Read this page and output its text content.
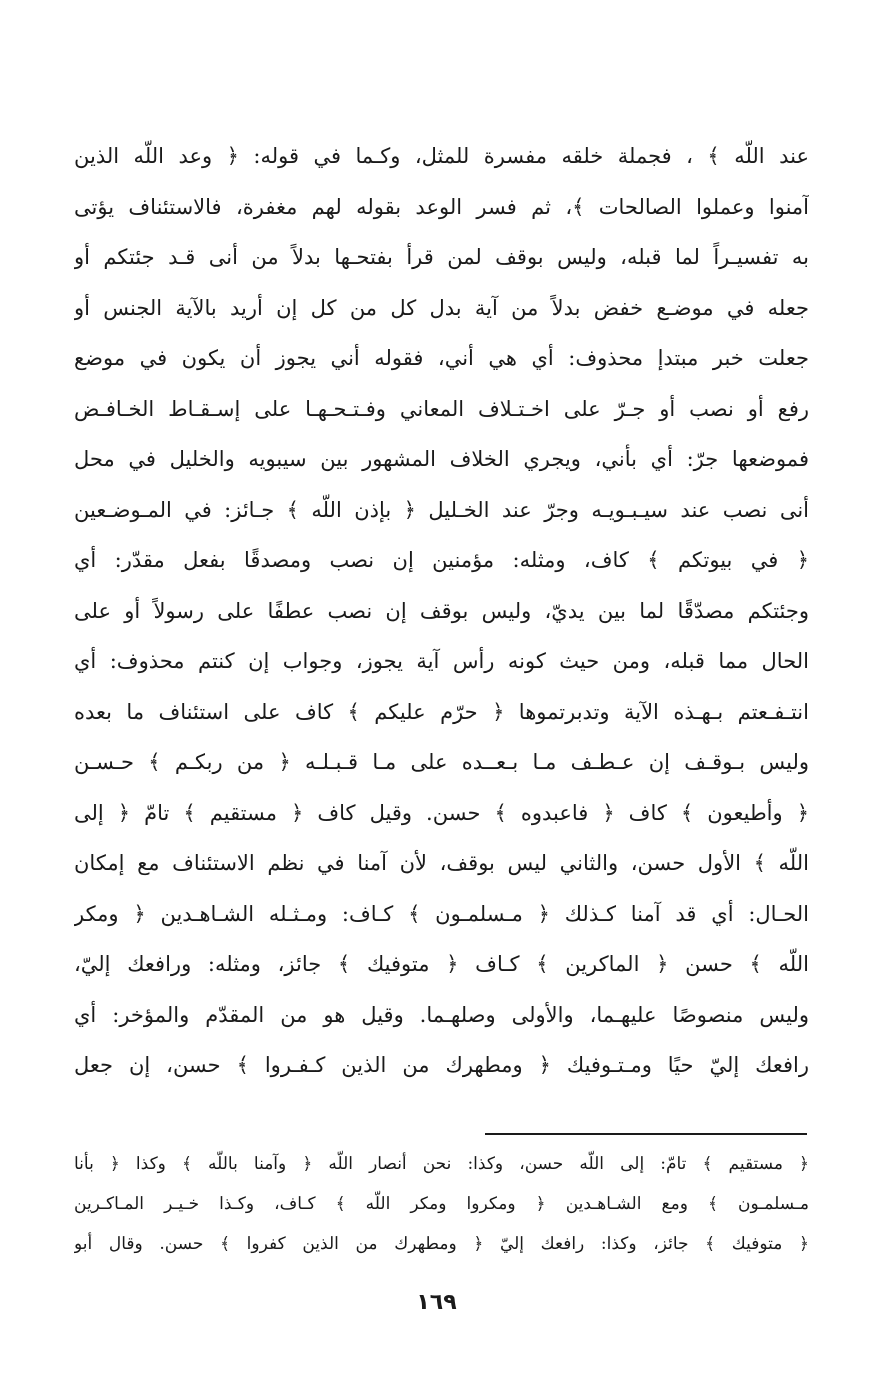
عند اللّه ﴾ ، فجملة خلقه مفسرة للمثل، وكـما في قوله: ﴿ وعد اللّه الذين
آمنوا وعملوا الصالحات ﴾، ثم فسر الوعد بقوله لهم مغفرة، فالاستئناف يؤتى
به تفسيـراً لما قبله، وليس بوقف لمن قرأ بفتحـها بدلاً من أنى قـد جئتكم أو
جعله في موضـع خفض بدلاً من آية بدل كل من كل إن أريد بالآية الجنس أو
جعلت خبر مبتدإ محذوف: أي هي أني، فقوله أني يجوز أن يكون في موضع
رفع أو نصب أو جـرّ على اخـتـلاف المعاني وفـتـحـهـا على إسـقـاط الخـافـض
فموضعها جرّ: أي بأني، ويجري الخلاف المشهور بين سيبويه والخليل في محل
أنى نصب عند سيـبـويـه وجرّ عند الخـليل ﴿ بإذن اللّه ﴾ جـائز: في المـوضـعين
﴿ في بيوتكم ﴾ كاف، ومثله: مؤمنين إن نصب ومصدقًا بفعل مقدّر: أي
وجئتكم مصدّقًا لما بين يديّ، وليس بوقف إن نصب عطفًا على رسولاً أو على
الحال مما قبله، ومن حيث كونه رأس آية يجوز، وجواب إن كنتم محذوف: أي
انتـفـعتم بـهـذه الآية وتدبرتموها ﴿ حرّم عليكم ﴾ كاف على استئناف ما بعده
وليس بـوقـف إن عـطـف مـا بـعــده على مـا قـبـلـه ﴿ من ربكـم ﴾ حـسـن
﴿ وأطيعون ﴾ كاف ﴿ فاعبدوه ﴾ حسن. وقيل كاف ﴿ مستقيم ﴾ تامّ ﴿ إلى
اللّه ﴾ الأول حسن، والثاني ليس بوقف، لأن آمنا في نظم الاستئناف مع إمكان
الحـال: أي قد آمنا كـذلك ﴿ مـسلمـون ﴾ كـاف: ومـثـله الشـاهـدين ﴿ ومكر
اللّه ﴾ حسن ﴿ الماكرين ﴾ كـاف ﴿ متوفيك ﴾ جائز، ومثله: ورافعك إليّ،
وليس منصوصًا عليهـما، والأولى وصلهـما. وقيل هو من المقدّم والمؤخر: أي
رافعك إليّ حيًا ومـتـوفيك ﴿ ومطهرك من الذين كـفـروا ﴾ حسن، إن جعل
﴿ مستقيم ﴾ تامّ: إلى اللّه حسن، وكذا: نحن أنصار اللّه ﴿ وآمنا باللّه ﴾ وكذا ﴿ بأنا
مـسلمـون ﴾ ومع الشـاهـدين ﴿ ومكروا ومكر اللّه ﴾ كـاف، وكـذا خـيـر المـاكـرين
﴿ متوفيك ﴾ جائز، وكذا: رافعك إليّ ﴿ ومطهرك من الذين كفروا ﴾ حسن. وقال أبو
١٦٩
